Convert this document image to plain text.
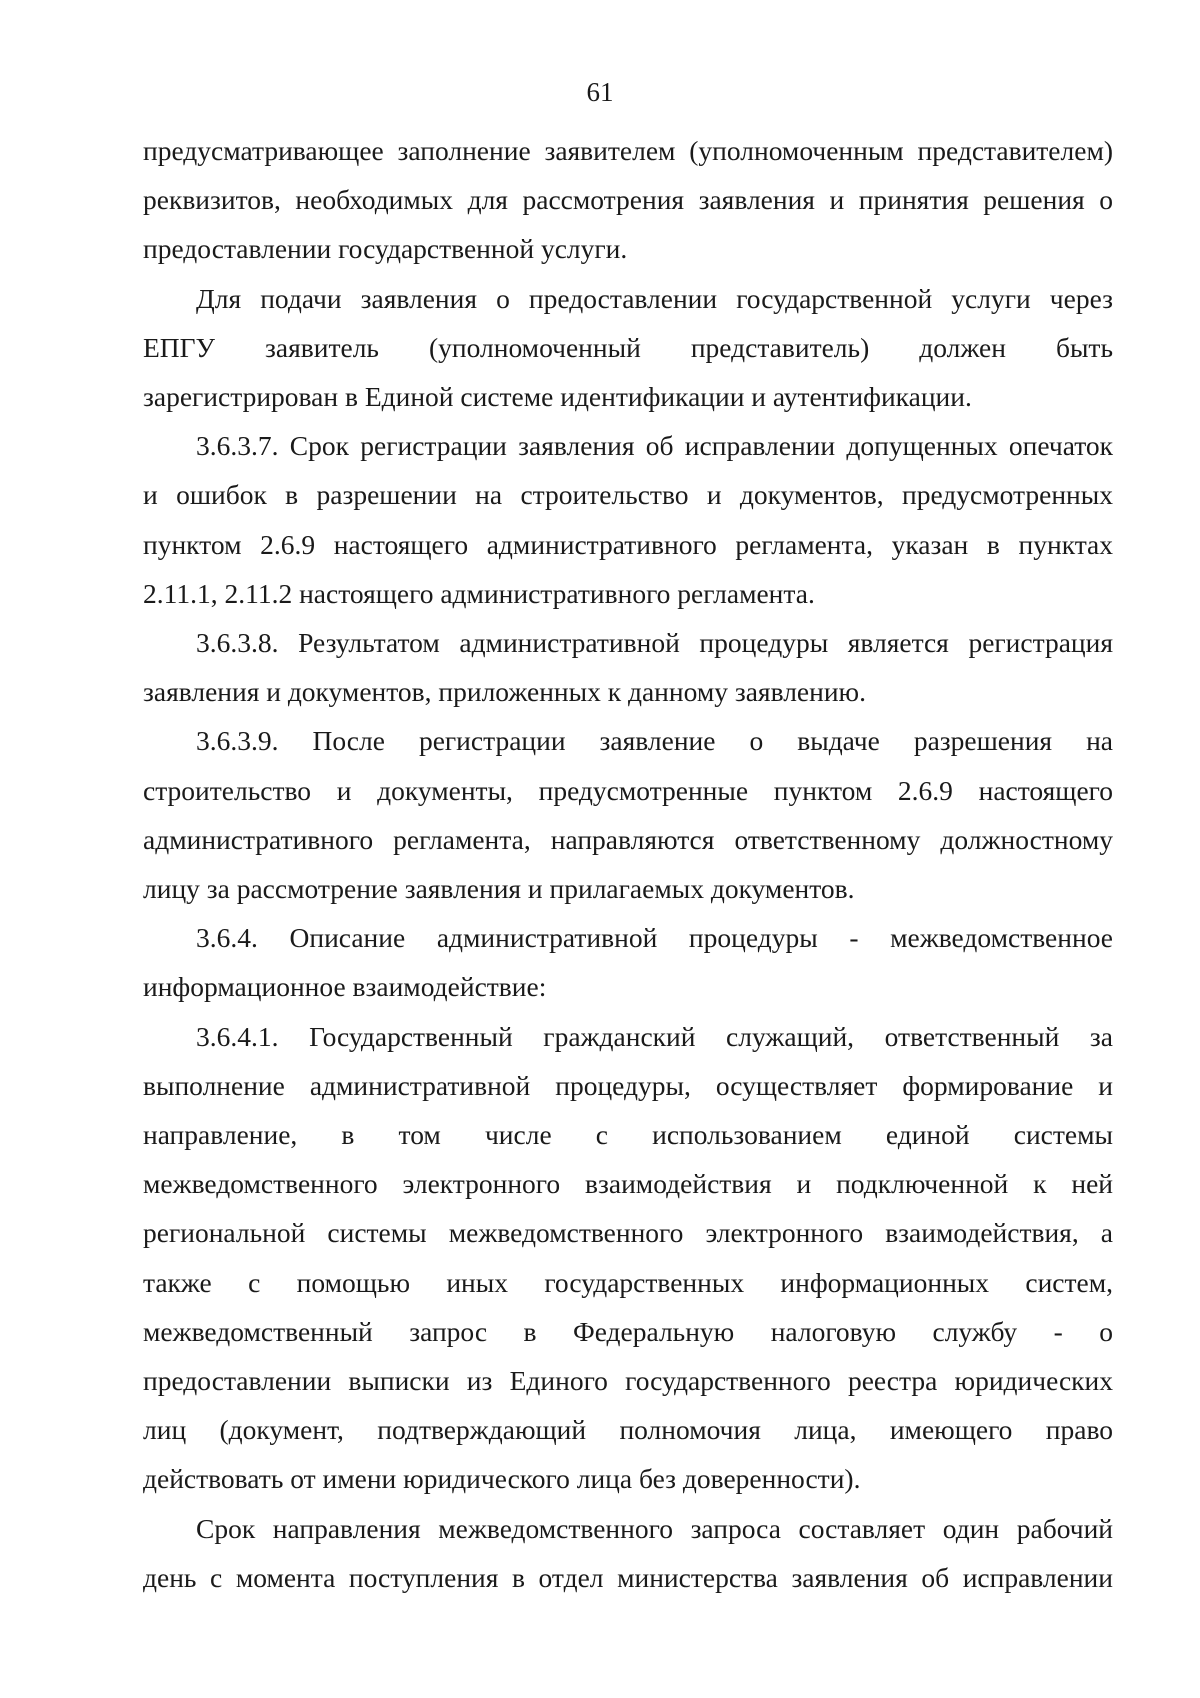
61
предусматривающее заполнение заявителем (уполномоченным представителем)
реквизитов, необходимых для рассмотрения заявления и принятия решения о
предоставлении государственной услуги.
Для подачи заявления о предоставлении государственной услуги через
ЕПГУ заявитель (уполномоченный представитель) должен быть
зарегистрирован в Единой системе идентификации и аутентификации.
3.6.3.7. Срок регистрации заявления об исправлении допущенных опечаток
и ошибок в разрешении на строительство и документов, предусмотренных
пунктом 2.6.9 настоящего административного регламента, указан в пунктах
2.11.1, 2.11.2 настоящего административного регламента.
3.6.3.8. Результатом административной процедуры является регистрация
заявления и документов, приложенных к данному заявлению.
3.6.3.9. После регистрации заявление о выдаче разрешения на
строительство и документы, предусмотренные пунктом 2.6.9 настоящего
административного регламента, направляются ответственному должностному
лицу за рассмотрение заявления и прилагаемых документов.
3.6.4. Описание административной процедуры - межведомственное
информационное взаимодействие:
3.6.4.1. Государственный гражданский служащий, ответственный за
выполнение административной процедуры, осуществляет формирование и
направление, в том числе с использованием единой системы
межведомственного электронного взаимодействия и подключенной к ней
региональной системы межведомственного электронного взаимодействия, а
также с помощью иных государственных информационных систем,
межведомственный запрос в Федеральную налоговую службу - о
предоставлении выписки из Единого государственного реестра юридических
лиц (документ, подтверждающий полномочия лица, имеющего право
действовать от имени юридического лица без доверенности).
Срок направления межведомственного запроса составляет один рабочий
день с момента поступления в отдел министерства заявления об исправлении
